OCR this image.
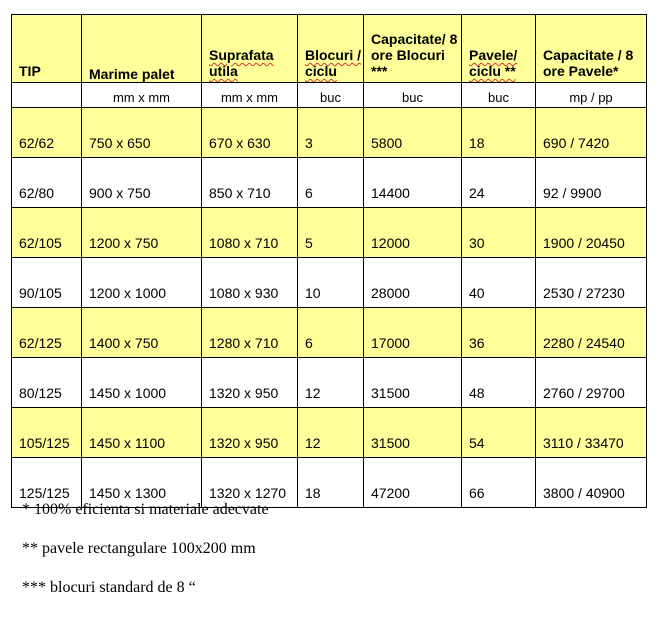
TIP	Marime palet	Suprafata utila	Blocuri / ciclu	Capacitate/ 8 ore Blocuri ***	Pavele/ ciclu **	Capacitate / 8 ore Pavele*
	mm x mm	mm x mm	buc	buc	buc	mp / pp
62/62	750 x 650	670 x 630	3	5800	18	690 / 7420
62/80	900 x 750	850 x 710	6	14400	24	92 / 9900
62/105	1200 x 750	1080 x 710	5	12000	30	1900 / 20450
90/105	1200 x 1000	1080 x 930	10	28000	40	2530 / 27230
62/125	1400 x 750	1280 x 710	6	17000	36	2280 / 24540
80/125	1450 x 1000	1320 x 950	12	31500	48	2760 / 29700
105/125	1450 x 1100	1320 x 950	12	31500	54	3110 / 33470
125/125	1450 x 1300	1320 x 1270	18	47200	66	3800 / 40900

* 100% eficienta si materiale adecvate

** pavele rectangulare 100x200 mm

*** blocuri standard de 8 “
